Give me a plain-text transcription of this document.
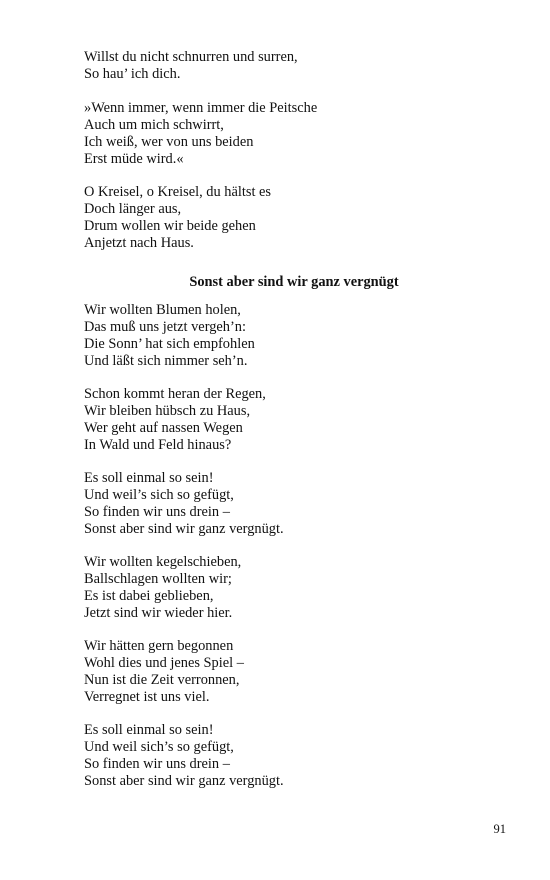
Willst du nicht schnurren und surren,
So hau’ ich dich.
»Wenn immer, wenn immer die Peitsche
Auch um mich schwirrt,
Ich weiß, wer von uns beiden
Erst müde wird.«
O Kreisel, o Kreisel, du hältst es
Doch länger aus,
Drum wollen wir beide gehen
Anjetzt nach Haus.
Sonst aber sind wir ganz vergnügt
Wir wollten Blumen holen,
Das muß uns jetzt vergeh’n:
Die Sonn’ hat sich empfohlen
Und läßt sich nimmer seh’n.
Schon kommt heran der Regen,
Wir bleiben hübsch zu Haus,
Wer geht auf nassen Wegen
In Wald und Feld hinaus?
Es soll einmal so sein!
Und weil’s sich so gefügt,
So finden wir uns drein –
Sonst aber sind wir ganz vergnügt.
Wir wollten kegelschieben,
Ballschlagen wollten wir;
Es ist dabei geblieben,
Jetzt sind wir wieder hier.
Wir hätten gern begonnen
Wohl dies und jenes Spiel –
Nun ist die Zeit verronnen,
Verregnet ist uns viel.
Es soll einmal so sein!
Und weil sich’s so gefügt,
So finden wir uns drein –
Sonst aber sind wir ganz vergnügt.
91
